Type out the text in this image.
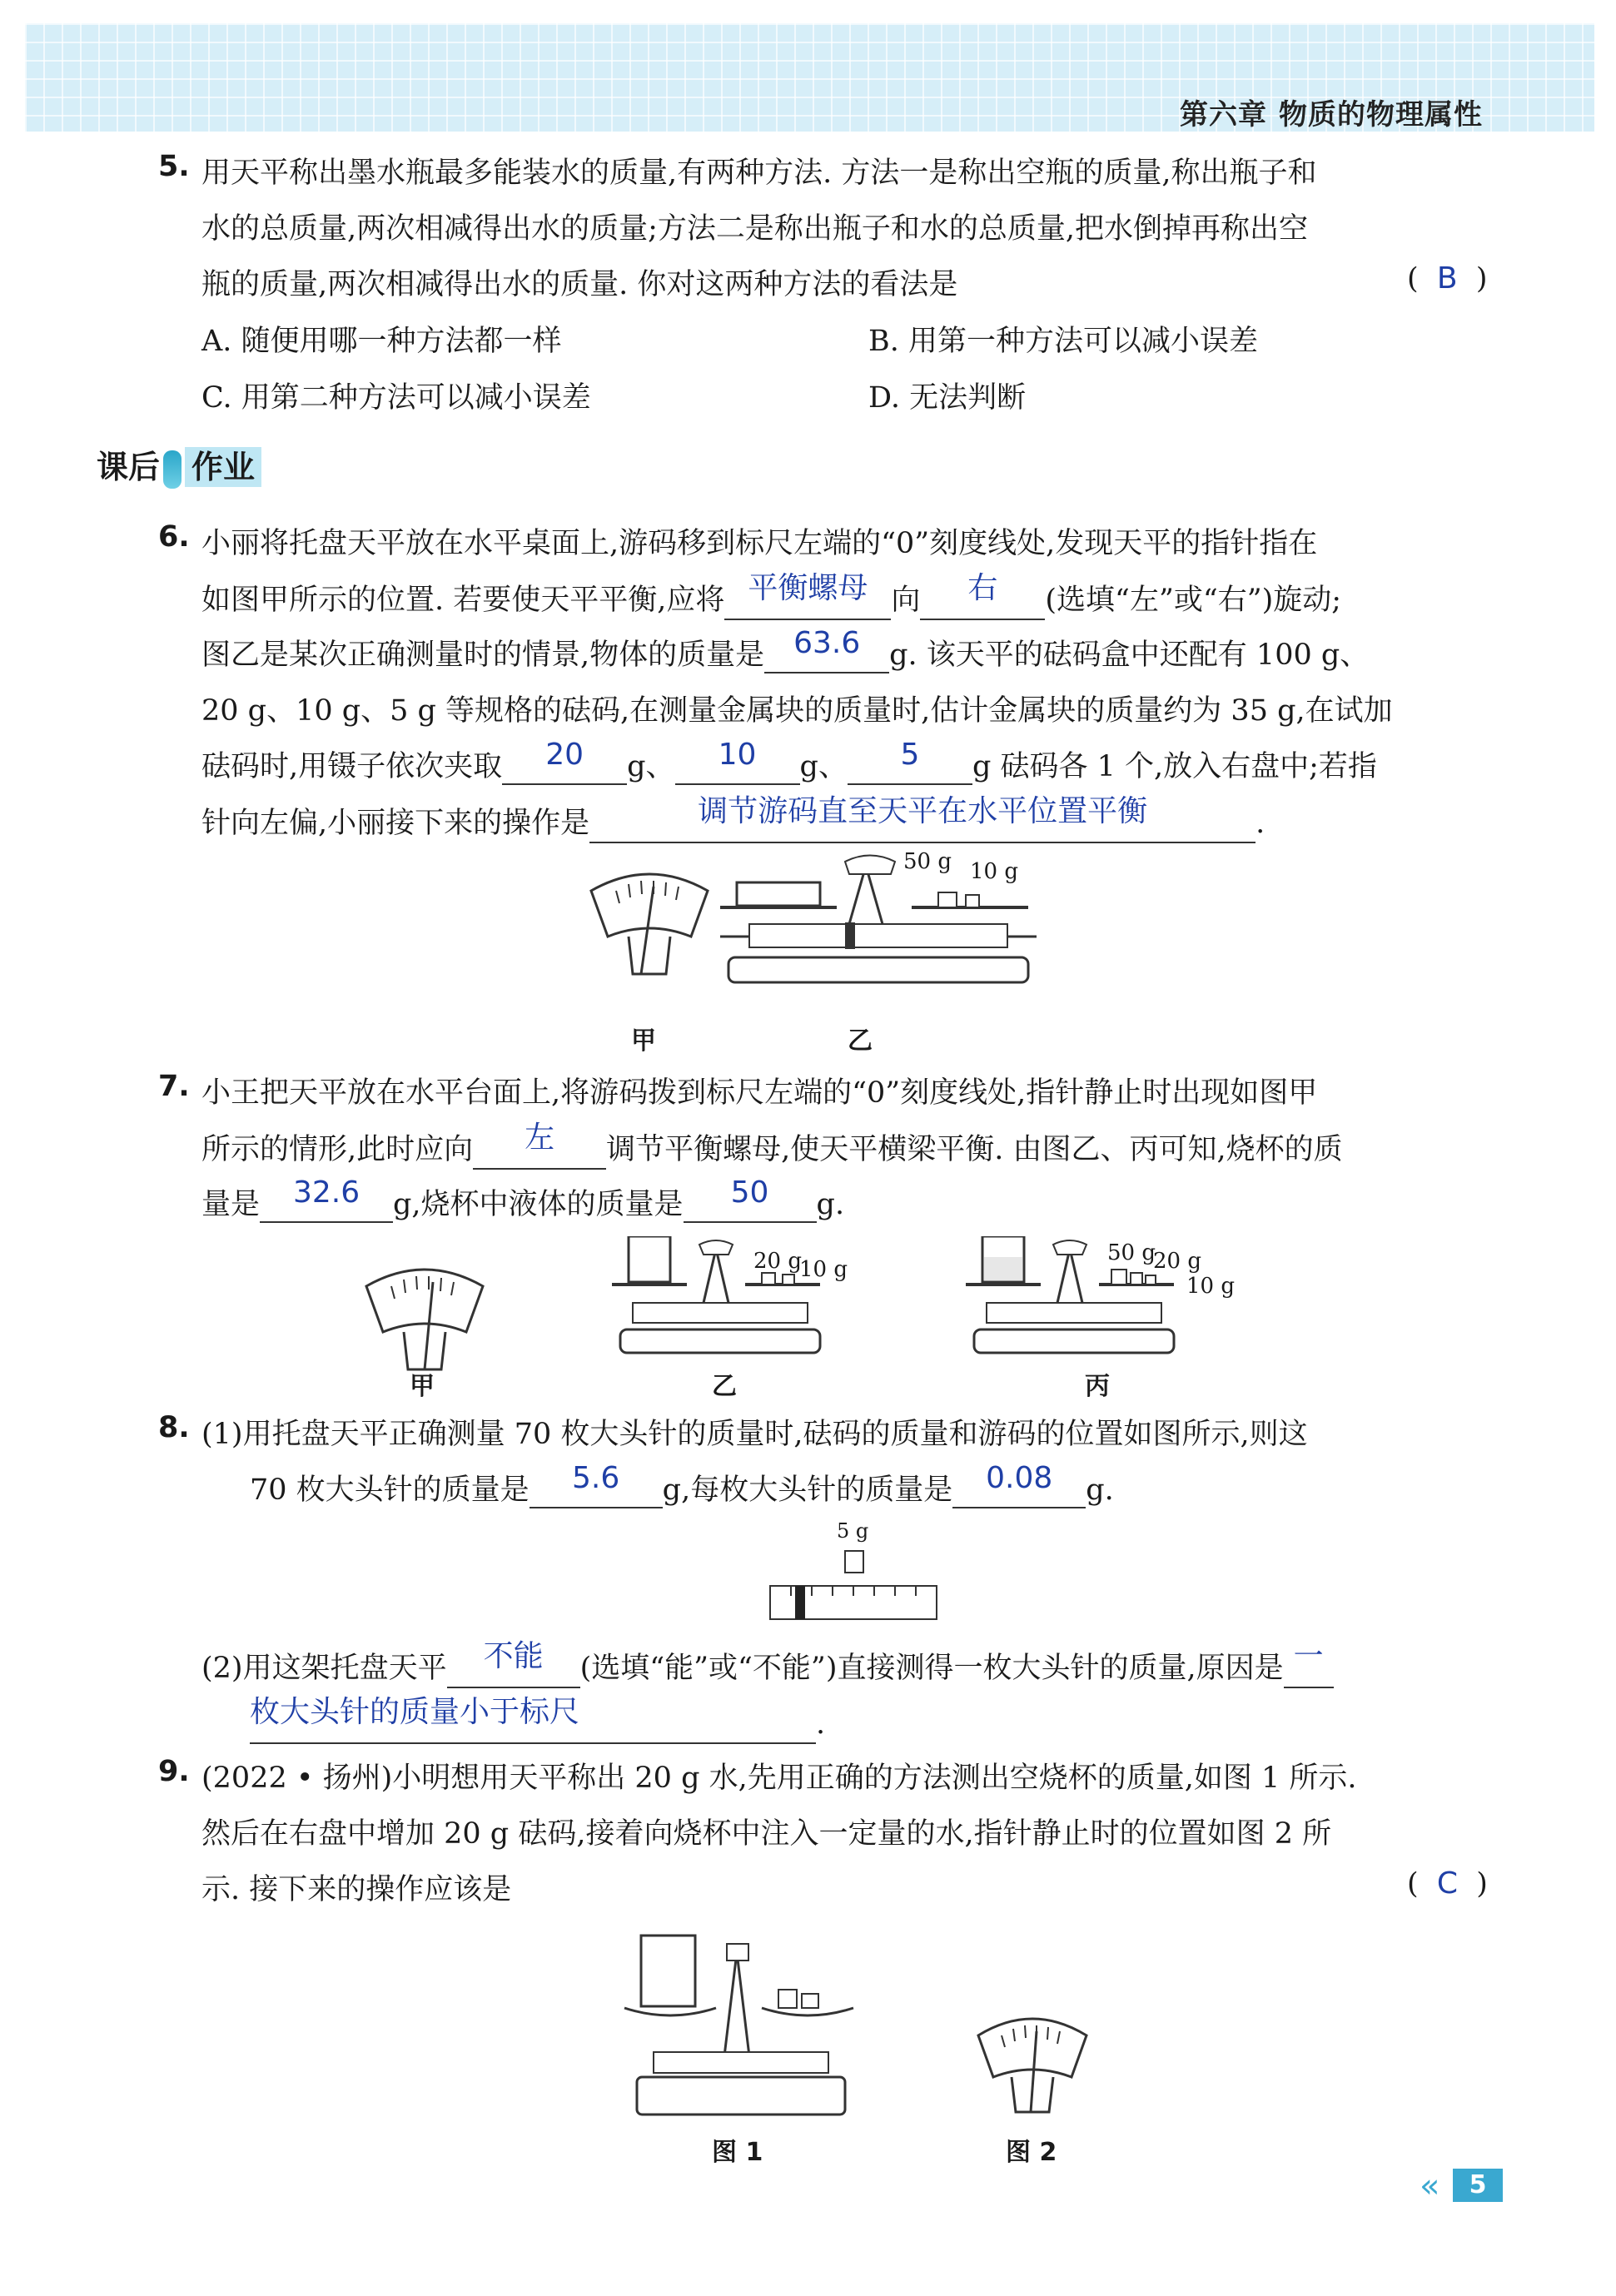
第六章 物质的物理属性
5. 用天平称出墨水瓶最多能装水的质量,有两种方法. 方法一是称出空瓶的质量,称出瓶子和
水的总质量,两次相减得出水的质量;方法二是称出瓶子和水的总质量,把水倒掉再称出空
瓶的质量,两次相减得出水的质量. 你对这两种方法的看法是	(  B  )
A. 随便用哪一种方法都一样	B. 用第一种方法可以减小误差
C. 用第二种方法可以减小误差	D. 无法判断
课后 作业
6. 小丽将托盘天平放在水平桌面上,游码移到标尺左端的“0”刻度线处,发现天平的指针指在
如图甲所示的位置. 若要使天平平衡,应将 平衡螺母 向 右 (选填“左”或“右”)旋动;
图乙是某次正确测量时的情景,物体的质量是 63.6 g. 该天平的砝码盒中还配有 100 g、
20 g、10 g、5 g 等规格的砝码,在测量金属块的质量时,估计金属块的质量约为 35 g,在试加
砝码时,用镊子依次夹取 20 g、 10 g、 5 g 砝码各 1 个,放入右盘中;若指
针向左偏,小丽接下来的操作是	调节游码直至天平在水平位置平衡	.
50 g 10 g
甲	乙
7. 小王把天平放在水平台面上,将游码拨到标尺左端的“0”刻度线处,指针静止时出现如图甲
所示的情形,此时应向 左 调节平衡螺母,使天平横梁平衡. 由图乙、丙可知,烧杯的质
量是 32.6 g,烧杯中液体的质量是 50 g.
20 g
10 g
50 g
20 g
10 g
甲	乙	丙
8. (1)用托盘天平正确测量 70 枚大头针的质量时,砝码的质量和游码的位置如图所示,则这
70 枚大头针的质量是 5.6 g,每枚大头针的质量是 0.08 g.
5 g
(2)用这架托盘天平 不能 (选填“能”或“不能”)直接测得一枚大头针的质量,原因是 一
枚大头针的质量小于标尺	.
9. (2022 • 扬州)小明想用天平称出 20 g 水,先用正确的方法测出空烧杯的质量,如图 1 所示.
然后在右盘中增加 20 g 砝码,接着向烧杯中注入一定量的水,指针静止时的位置如图 2 所
示. 接下来的操作应该是	(  C  )
图 1	图 2
«	5
